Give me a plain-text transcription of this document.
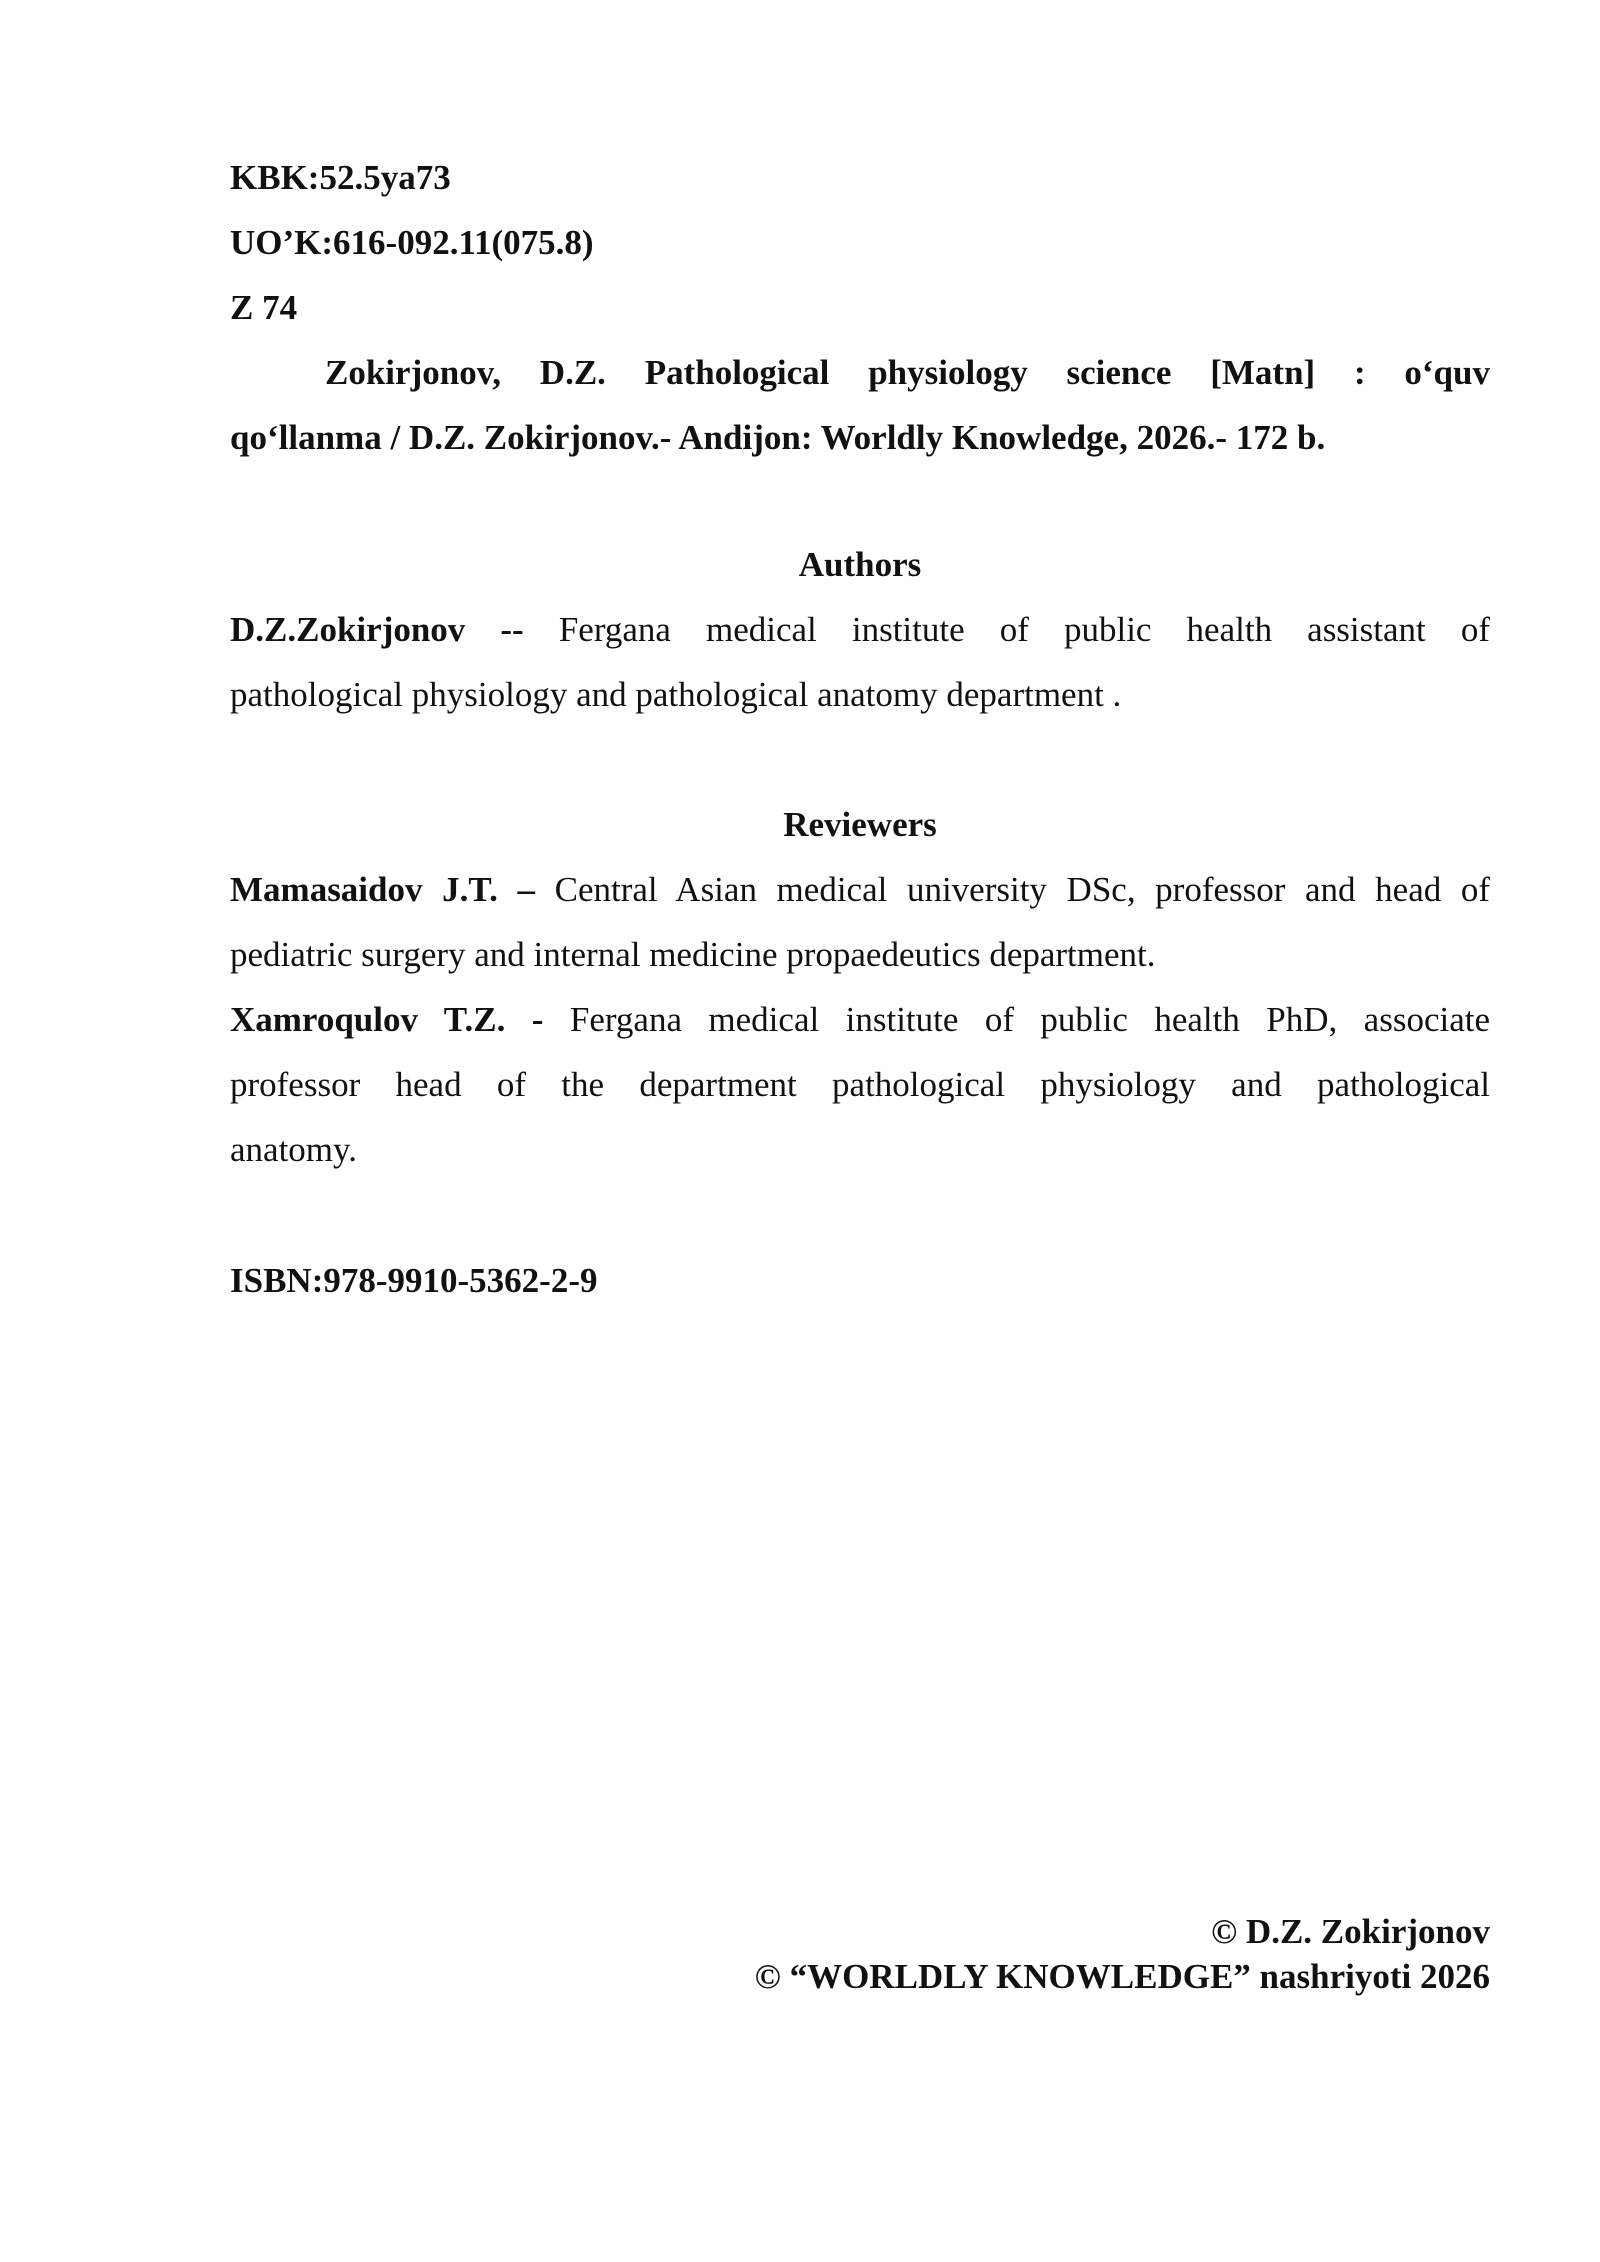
KBK:52.5ya73
UO’K:616-092.11(075.8)
Z 74
Zokirjonov, D.Z. Pathological physiology science [Matn] : o‘quv
qo‘llanma / D.Z. Zokirjonov.- Andijon: Worldly Knowledge, 2026.- 172 b.
Authors
D.Z.Zokirjonov -- Fergana medical institute of public health assistant of
pathological physiology and pathological anatomy department .
Reviewers
Mamasaidov J.T. – Central Asian medical university DSc, professor and head of
pediatric surgery and internal medicine propaedeutics department.
Xamroqulov T.Z. - Fergana medical institute of public health PhD, associate
professor head of the department pathological physiology and pathological
anatomy.
ISBN:978-9910-5362-2-9
© D.Z. Zokirjonov
© “WORLDLY KNOWLEDGE” nashriyoti 2026
